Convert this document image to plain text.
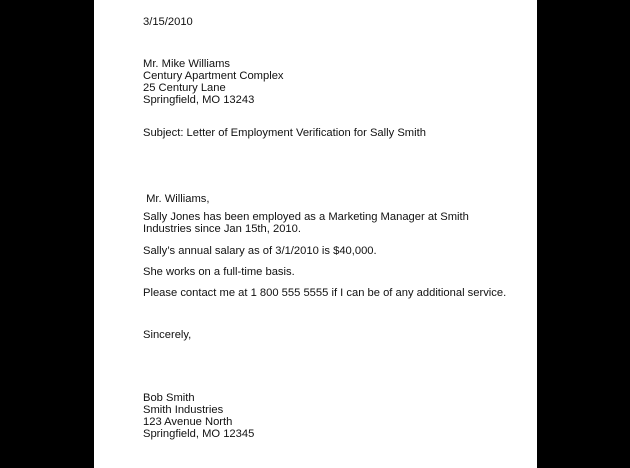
3/15/2010
Mr. Mike Williams
Century Apartment Complex
25 Century Lane
Springfield, MO 13243
Subject: Letter of Employment Verification for Sally Smith

Mr. Williams,

Sally Jones has been employed as a Marketing Manager at Smith
Industries since Jan 15th, 2010.
Sally’s annual salary as of 3/1/2010 is $40,000.
She works on a full-time basis.
Please contact me at 1 800 555 5555 if I can be of any additional service.
Sincerely,
Bob Smith
Smith Industries
123 Avenue North
Springfield, MO 12345
